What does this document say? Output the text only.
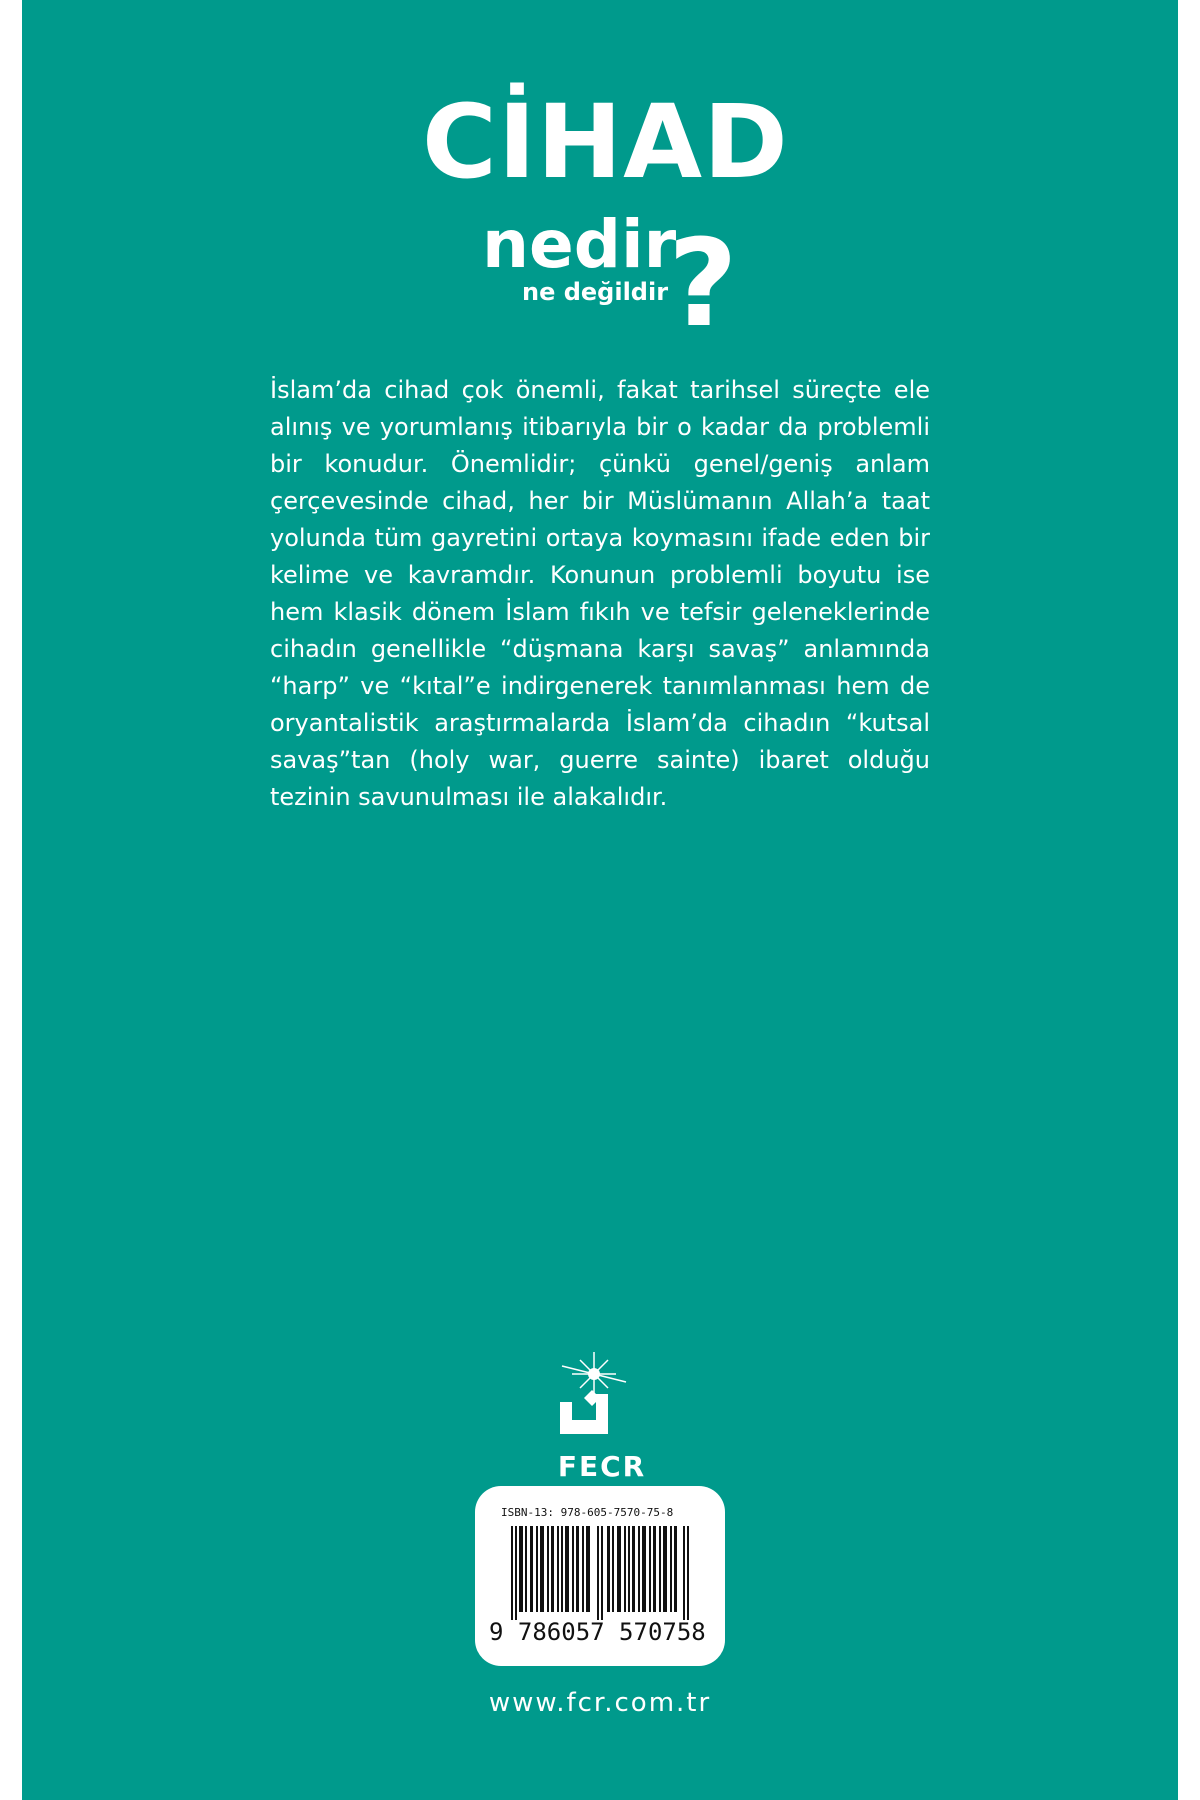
CİHAD
nedir
ne değildir ?

İslam’da cihad çok önemli, fakat tarihsel süreçte ele alınış ve yorumlanış itibarıyla bir o kadar da problemli bir konudur. Önemlidir; çünkü genel/geniş anlam çerçevesinde cihad, her bir Müslümanın Allah’a taat yolunda tüm gayretini ortaya koymasını ifade eden bir kelime ve kavramdır. Konunun problemli boyutu ise hem klasik dönem İslam fıkıh ve tefsir geleneklerinde cihadın genellikle “düşmana karşı savaş” anlamında “harp” ve “kıtal”e indirgenerek tanımlanması hem de oryantalistik araştırmalarda İslam’da cihadın “kutsal savaş”tan (holy war, guerre sainte) ibaret olduğu tezinin savunulması ile alakalıdır.

FECR
ISBN-13: 978-605-7570-75-8
9 786057 570758
www.fcr.com.tr
